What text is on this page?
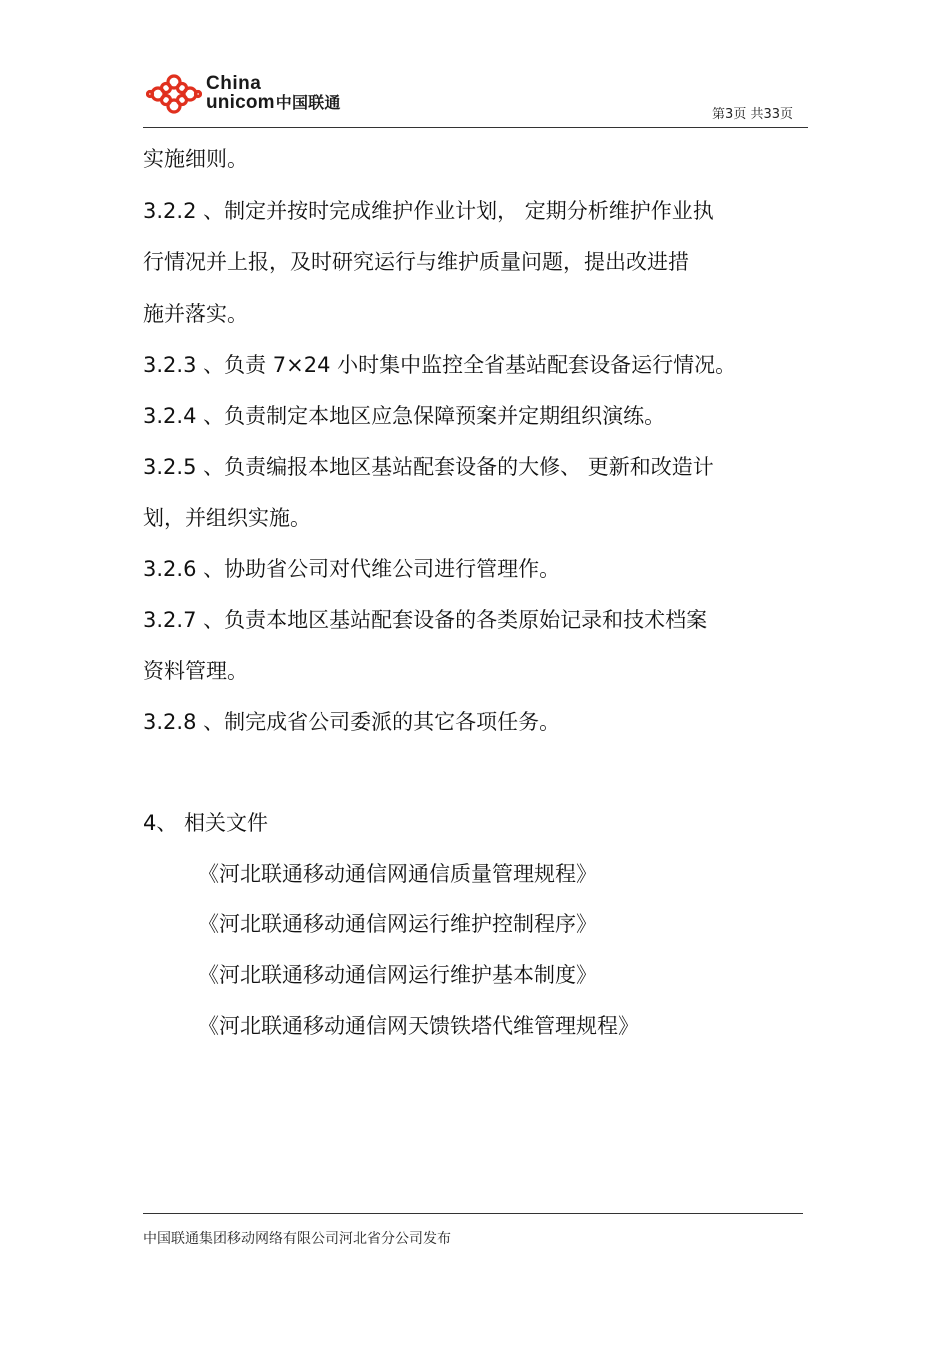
China
unicom中国联通
第3页 共33页
实施细则。
3.2.2 、制定并按时完成维护作业计划， 定期分析维护作业执
行情况并上报，及时研究运行与维护质量问题，提出改进措
施并落实。
3.2.3 、负责 7×24 小时集中监控全省基站配套设备运行情况。
3.2.4 、负责制定本地区应急保障预案并定期组织演练。
3.2.5 、负责编报本地区基站配套设备的大修、 更新和改造计
划，并组织实施。
3.2.6 、协助省公司对代维公司进行管理作。
3.2.7 、负责本地区基站配套设备的各类原始记录和技术档案
资料管理。
3.2.8 、制完成省公司委派的其它各项任务。
4、 相关文件
《河北联通移动通信网通信质量管理规程》
《河北联通移动通信网运行维护控制程序》
《河北联通移动通信网运行维护基本制度》
《河北联通移动通信网天馈铁塔代维管理规程》
中国联通集团移动网络有限公司河北省分公司发布
